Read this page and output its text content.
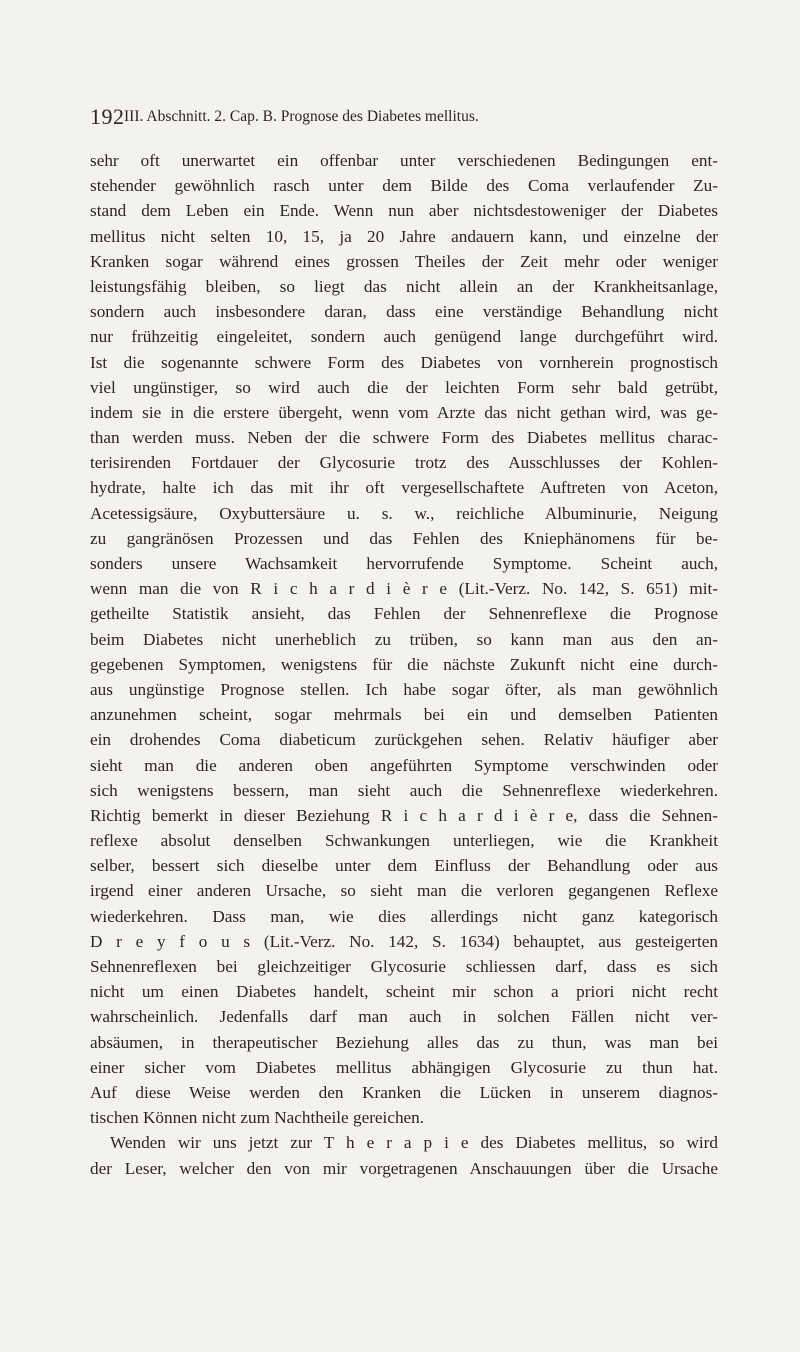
192 III. Abschnitt. 2. Cap. B. Prognose des Diabetes mellitus.
sehr oft unerwartet ein offenbar unter verschiedenen Bedingungen ent-
stehender gewöhnlich rasch unter dem Bilde des Coma verlaufender Zu-
stand dem Leben ein Ende. Wenn nun aber nichtsdestoweniger der Diabetes
mellitus nicht selten 10, 15, ja 20 Jahre andauern kann, und einzelne der
Kranken sogar während eines grossen Theiles der Zeit mehr oder weniger
leistungsfähig bleiben, so liegt das nicht allein an der Krankheitsanlage,
sondern auch insbesondere daran, dass eine verständige Behandlung nicht
nur frühzeitig eingeleitet, sondern auch genügend lange durchgeführt wird.
Ist die sogenannte schwere Form des Diabetes von vornherein prognostisch
viel ungünstiger, so wird auch die der leichten Form sehr bald getrübt,
indem sie in die erstere übergeht, wenn vom Arzte das nicht gethan wird, was ge-
than werden muss. Neben der die schwere Form des Diabetes mellitus charac-
terisirenden Fortdauer der Glycosurie trotz des Ausschlusses der Kohlen-
hydrate, halte ich das mit ihr oft vergesellschaftete Auftreten von Aceton,
Acetessigsäure, Oxybuttersäure u. s. w., reichliche Albuminurie, Neigung
zu gangränösen Prozessen und das Fehlen des Kniephänomens für be-
sonders unsere Wachsamkeit hervorrufende Symptome. Scheint auch,
wenn man die von R i c h a r d i è r e (Lit.-Verz. No. 142, S. 651) mit-
getheilte Statistik ansieht, das Fehlen der Sehnenreflexe die Prognose
beim Diabetes nicht unerheblich zu trüben, so kann man aus den an-
gegebenen Symptomen, wenigstens für die nächste Zukunft nicht eine durch-
aus ungünstige Prognose stellen. Ich habe sogar öfter, als man gewöhnlich
anzunehmen scheint, sogar mehrmals bei ein und demselben Patienten
ein drohendes Coma diabeticum zurückgehen sehen. Relativ häufiger aber
sieht man die anderen oben angeführten Symptome verschwinden oder
sich wenigstens bessern, man sieht auch die Sehnenreflexe wiederkehren.
Richtig bemerkt in dieser Beziehung R i c h a r d i è r e, dass die Sehnen-
reflexe absolut denselben Schwankungen unterliegen, wie die Krankheit
selber, bessert sich dieselbe unter dem Einfluss der Behandlung oder aus
irgend einer anderen Ursache, so sieht man die verloren gegangenen Reflexe
wiederkehren. Dass man, wie dies allerdings nicht ganz kategorisch
D r e y f o u s (Lit.-Verz. No. 142, S. 1634) behauptet, aus gesteigerten
Sehnenreflexen bei gleichzeitiger Glycosurie schliessen darf, dass es sich
nicht um einen Diabetes handelt, scheint mir schon a priori nicht recht
wahrscheinlich. Jedenfalls darf man auch in solchen Fällen nicht ver-
absäumen, in therapeutischer Beziehung alles das zu thun, was man bei
einer sicher vom Diabetes mellitus abhängigen Glycosurie zu thun hat.
Auf diese Weise werden den Kranken die Lücken in unserem diagnos-
tischen Können nicht zum Nachtheile gereichen.
Wenden wir uns jetzt zur T h e r a p i e des Diabetes mellitus, so wird
der Leser, welcher den von mir vorgetragenen Anschauungen über die Ursache
